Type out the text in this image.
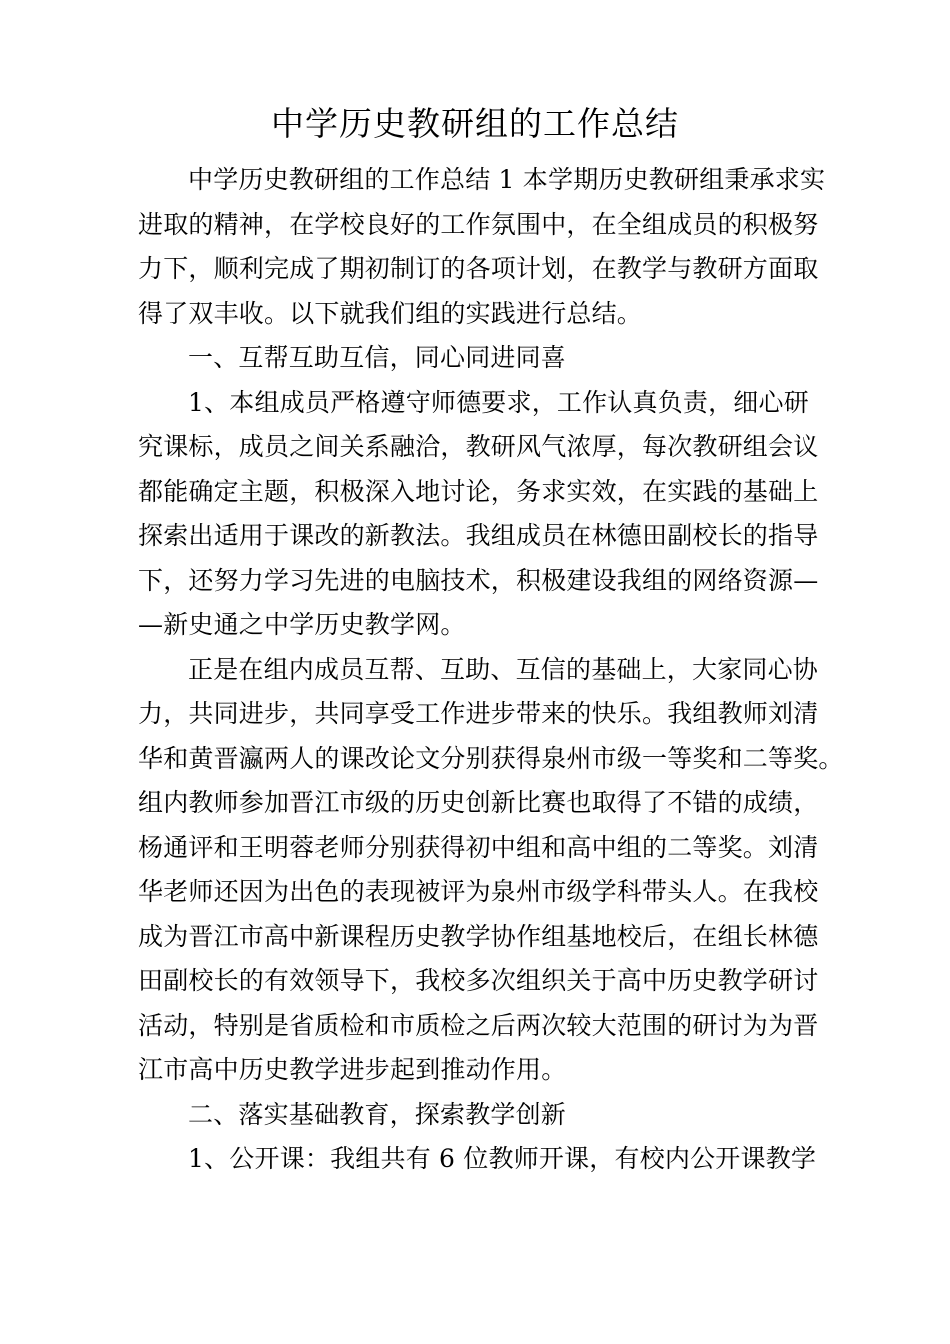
中学历史教研组的工作总结
中学历史教研组的工作总结 1 本学期历史教研组秉承求实
进取的精神，在学校良好的工作氛围中，在全组成员的积极努
力下，顺利完成了期初制订的各项计划，在教学与教研方面取
得了双丰收。以下就我们组的实践进行总结。
一、互帮互助互信，同心同进同喜
1、本组成员严格遵守师德要求，工作认真负责，细心研
究课标，成员之间关系融洽，教研风气浓厚，每次教研组会议
都能确定主题，积极深入地讨论，务求实效，在实践的基础上
探索出适用于课改的新教法。我组成员在林德田副校长的指导
下，还努力学习先进的电脑技术，积极建设我组的网络资源—
—新史通之中学历史教学网。
正是在组内成员互帮、互助、互信的基础上，大家同心协
力，共同进步，共同享受工作进步带来的快乐。我组教师刘清
华和黄晋瀛两人的课改论文分别获得泉州市级一等奖和二等奖。
组内教师参加晋江市级的历史创新比赛也取得了不错的成绩，
杨通评和王明蓉老师分别获得初中组和高中组的二等奖。刘清
华老师还因为出色的表现被评为泉州市级学科带头人。在我校
成为晋江市高中新课程历史教学协作组基地校后，在组长林德
田副校长的有效领导下，我校多次组织关于高中历史教学研讨
活动，特别是省质检和市质检之后两次较大范围的研讨为为晋
江市高中历史教学进步起到推动作用。
二、落实基础教育，探索教学创新
1、公开课：我组共有 6 位教师开课，有校内公开课教学
